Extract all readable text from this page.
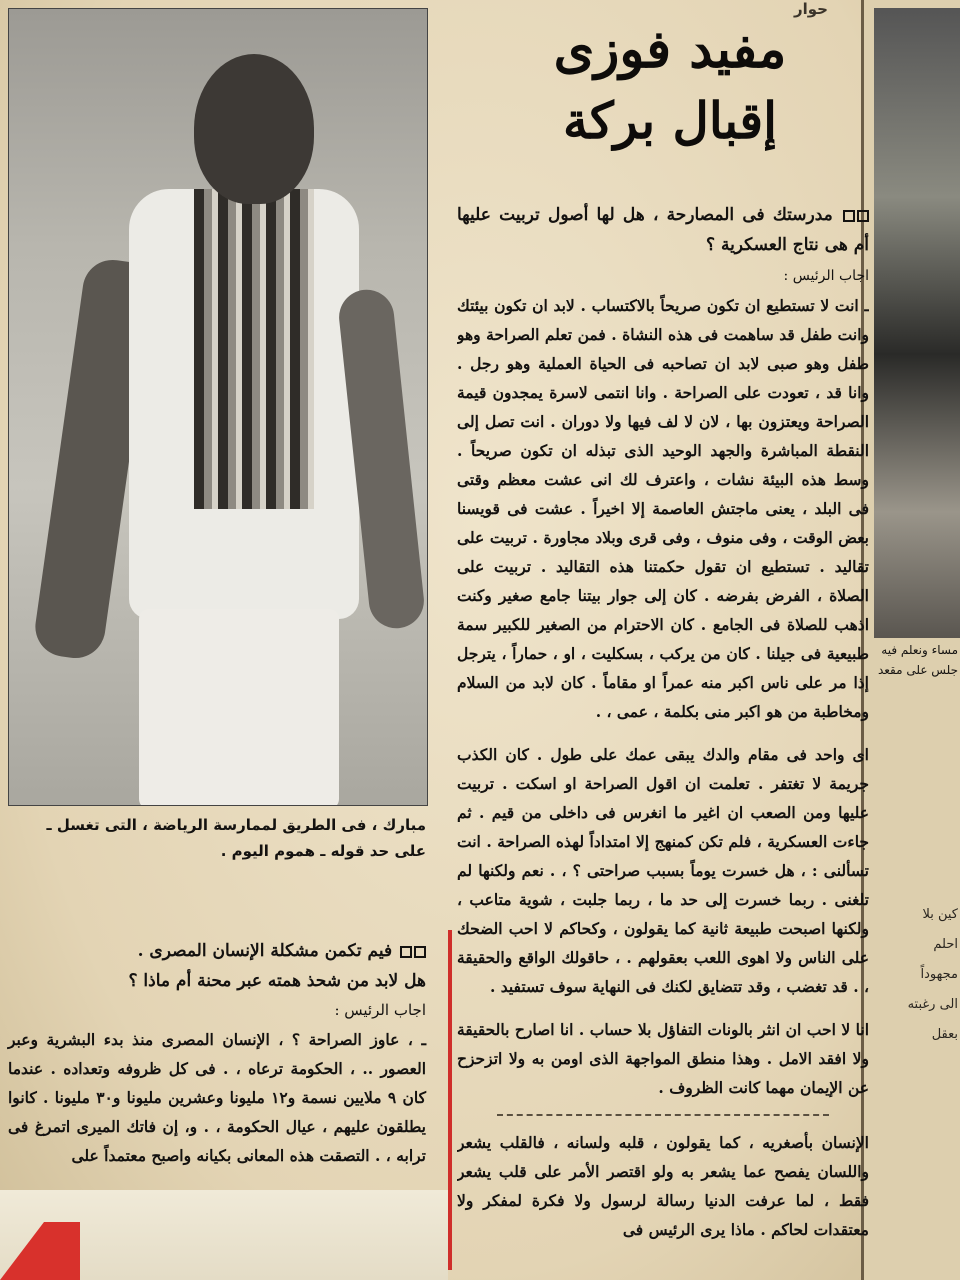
مساء ونعلم فيه جلس على مقعد
كين بلا
احلم
مجهوداً
الى رغبته
بعقل
حوار
مفيد فوزى
إقبال بركة
مبارك ، فى الطريق لممارسة الرياضة ، التى تغسل ـ على حد قوله ـ هموم اليوم .

مدرستك فى المصارحة ، هل لها أصول تربيت عليها أم هى نتاج العسكرية ؟

اجاب الرئيس :

ـ انت لا تستطيع ان تكون صريحاً بالاكتساب . لابد ان تكون بيئتك وانت طفل قد ساهمت فى هذه النشاة . فمن تعلم الصراحة وهو طفل وهو صبى لابد ان تصاحبه فى الحياة العملية وهو رجل . وانا قد ، تعودت على الصراحة . وانا انتمى لاسرة يمجدون قيمة الصراحة ويعتزون بها ، لان لا لف فيها ولا دوران . انت تصل إلى النقطة المباشرة والجهد الوحيد الذى تبذله ان تكون صريحاً . وسط هذه البيئة نشات ، واعترف لك انى عشت معظم وقتى فى البلد ، يعنى ماجتش العاصمة إلا اخيراً . عشت فى قويسنا بعض الوقت ، وفى منوف ، وفى قرى وبلاد مجاورة . تربيت على تقاليد . تستطيع ان تقول حكمتنا هذه التقاليد . تربيت على الصلاة ، الفرض بفرضه . كان إلى جوار بيتنا جامع صغير وكنت اذهب للصلاة فى الجامع . كان الاحترام من الصغير للكبير سمة طبيعية فى جيلنا . كان من يركب ، بسكليت ، او ، حماراً ، يترجل إذا مر على ناس اكبر منه عمراً او مقاماً . كان لابد من السلام ومخاطبة من هو اكبر منى بكلمة ، عمى ، .

اى واحد فى مقام والدك يبقى عمك على طول . كان الكذب جريمة لا تغتفر . تعلمت ان اقول الصراحة او اسكت . تربيت عليها ومن الصعب ان اغير ما انغرس فى داخلى من قيم . ثم جاءت العسكرية ، فلم تكن كمنهج إلا امتداداً لهذه الصراحة . انت تسألنى : ، هل خسرت يوماً بسبب صراحتى ؟ ، . نعم ولكنها لم تلغنى . ربما خسرت إلى حد ما ، ربما جلبت ، شوية متاعب ، ولكنها اصبحت طبيعة ثانية كما يقولون ، وكحاكم لا احب الضحك على الناس ولا اهوى اللعب بعقولهم . ، حاقولك الواقع والحقيقة ، . قد تغضب ، وقد تتضايق لكنك فى النهاية سوف تستفيد .

انا لا احب ان انثر بالونات التفاؤل بلا حساب . انا اصارح بالحقيقة ولا افقد الامل . وهذا منطق المواجهة الذى اومن به ولا اتزحزح عن الإيمان مهما كانت الظروف .

الإنسان بأصغريه ، كما يقولون ، قلبه ولسانه ، فالقلب يشعر واللسان يفصح عما يشعر به ولو اقتصر الأمر على قلب يشعر فقط ، لما عرفت الدنيا رسالة لرسول ولا فكرة لمفكر ولا معتقدات لحاكم . ماذا يرى الرئيس فى

فيم تكمن مشكلة الإنسان المصرى .

هل لابد من شحذ همته عبر محنة أم ماذا ؟

اجاب الرئيس :

ـ ، عاوز الصراحة ؟ ، الإنسان المصرى منذ بدء البشرية وعبر العصور .. ، الحكومة ترعاه ، . فى كل ظروفه وتعداده . عندما كان ٩ ملايين نسمة و١٢ مليونا وعشرين مليونا و٣٠ مليونا . كانوا يطلقون عليهم ، عيال الحكومة ، . و، إن فاتك الميرى اتمرغ فى ترابه ، . التصقت هذه المعانى بكيانه واصبح معتمداً على
